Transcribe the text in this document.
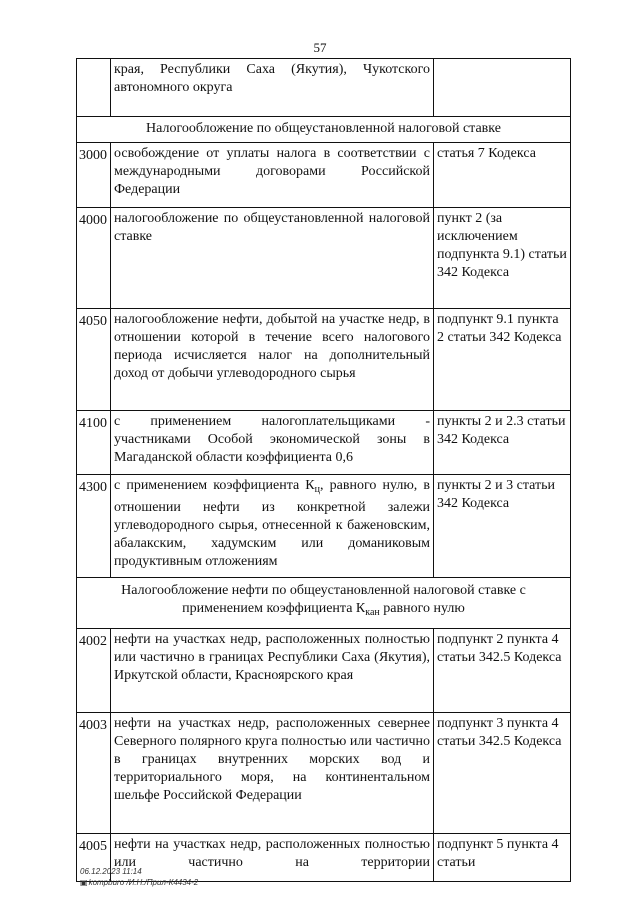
57
	края, Республики Саха (Якутия), Чукотского автономного округа	
Налогообложение по общеустановленной налоговой ставке		
3000	освобождение от уплаты налога в соответствии с международными договорами Российской Федерации	статья 7 Кодекса
4000	налогообложение по общеустановленной налоговой ставке	пункт 2 (за исключением подпункта 9.1) статьи 342 Кодекса
4050	налогообложение нефти, добытой на участке недр, в отношении которой в течение всего налогового периода исчисляется налог на дополнительный доход от добычи углеводородного сырья	подпункт 9.1 пункта 2 статьи 342 Кодекса
4100	с применением налогоплательщиками - участниками Особой экономической зоны в Магаданской области коэффициента 0,6	пункты 2 и 2.3 статьи 342 Кодекса
4300	с применением коэффициента $К_ц$, равного нулю, в отношении нефти из конкретной залежи углеводородного сырья, отнесенной к баженовским, абалакским, хадумским или доманиковым продуктивным отложениям	пункты 2 и 3 статьи 342 Кодекса
Налогообложение нефти по общеустановленной налоговой ставке с применением коэффициента $К_{кан}$ равного нулю		
4002	нефти на участках недр, расположенных полностью или частично в границах Республики Саха (Якутия), Иркутской области, Красноярского края	подпункт 2 пункта 4 статьи 342.5 Кодекса
4003	нефти на участках недр, расположенных севернее Северного полярного круга полностью или частично в границах внутренних морских вод и территориального моря, на континентальном шельфе Российской Федерации	подпункт 3 пункта 4 статьи 342.5 Кодекса
4005	нефти на участках недр, расположенных полностью или частично на территории	подпункт 5 пункта 4 статьи
06.12.2023 11:14
▣kompburo /И.Н./Прил-К4434-2
